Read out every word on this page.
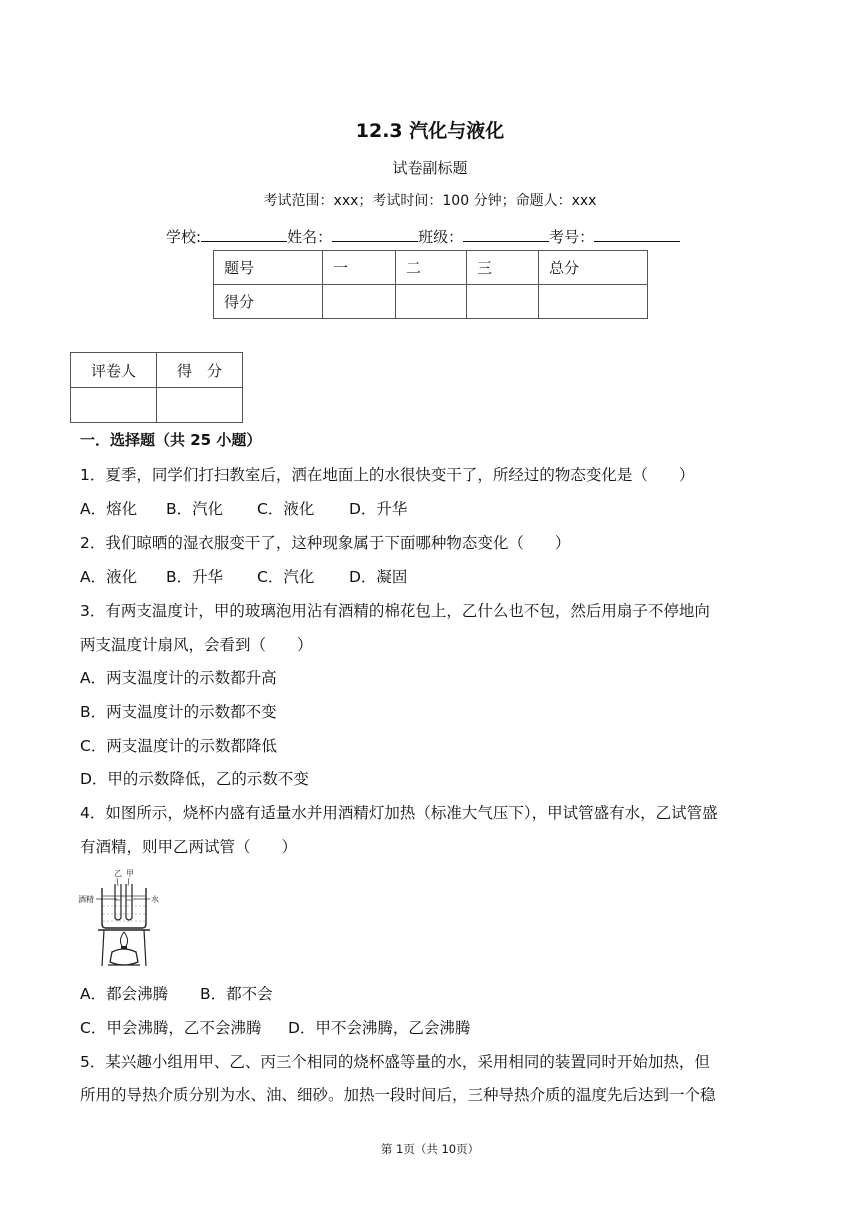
12.3 汽化与液化
试卷副标题
考试范围：xxx；考试时间：100 分钟；命题人：xxx
学校:	姓名：	班级：	考号：
题号	一	二	三	总分
得分				
评卷人	得　分

一．选择题（共 25 小题）
1．夏季，同学们打扫教室后，洒在地面上的水很快变干了，所经过的物态变化是（　　）
A．熔化 B．汽化 C．液化 D．升华
2．我们晾晒的湿衣服变干了，这种现象属于下面哪种物态变化（　　）
A．液化 B．升华 C．汽化 D．凝固
3．有两支温度计，甲的玻璃泡用沾有酒精的棉花包上，乙什么也不包，然后用扇子不停地向
两支温度计扇风，会看到（　　）
A．两支温度计的示数都升高
B．两支温度计的示数都不变
C．两支温度计的示数都降低
D．甲的示数降低，乙的示数不变
4．如图所示，烧杯内盛有适量水并用酒精灯加热（标准大气压下），甲试管盛有水，乙试管盛
有酒精，则甲乙两试管（　　）
乙 甲
酒精	水
A．都会沸腾 B．都不会
C．甲会沸腾，乙不会沸腾 D．甲不会沸腾，乙会沸腾
5．某兴趣小组用甲、乙、丙三个相同的烧杯盛等量的水，采用相同的装置同时开始加热，但
所用的导热介质分别为水、油、细砂。加热一段时间后，三种导热介质的温度先后达到一个稳
第 1页（共 10页）
